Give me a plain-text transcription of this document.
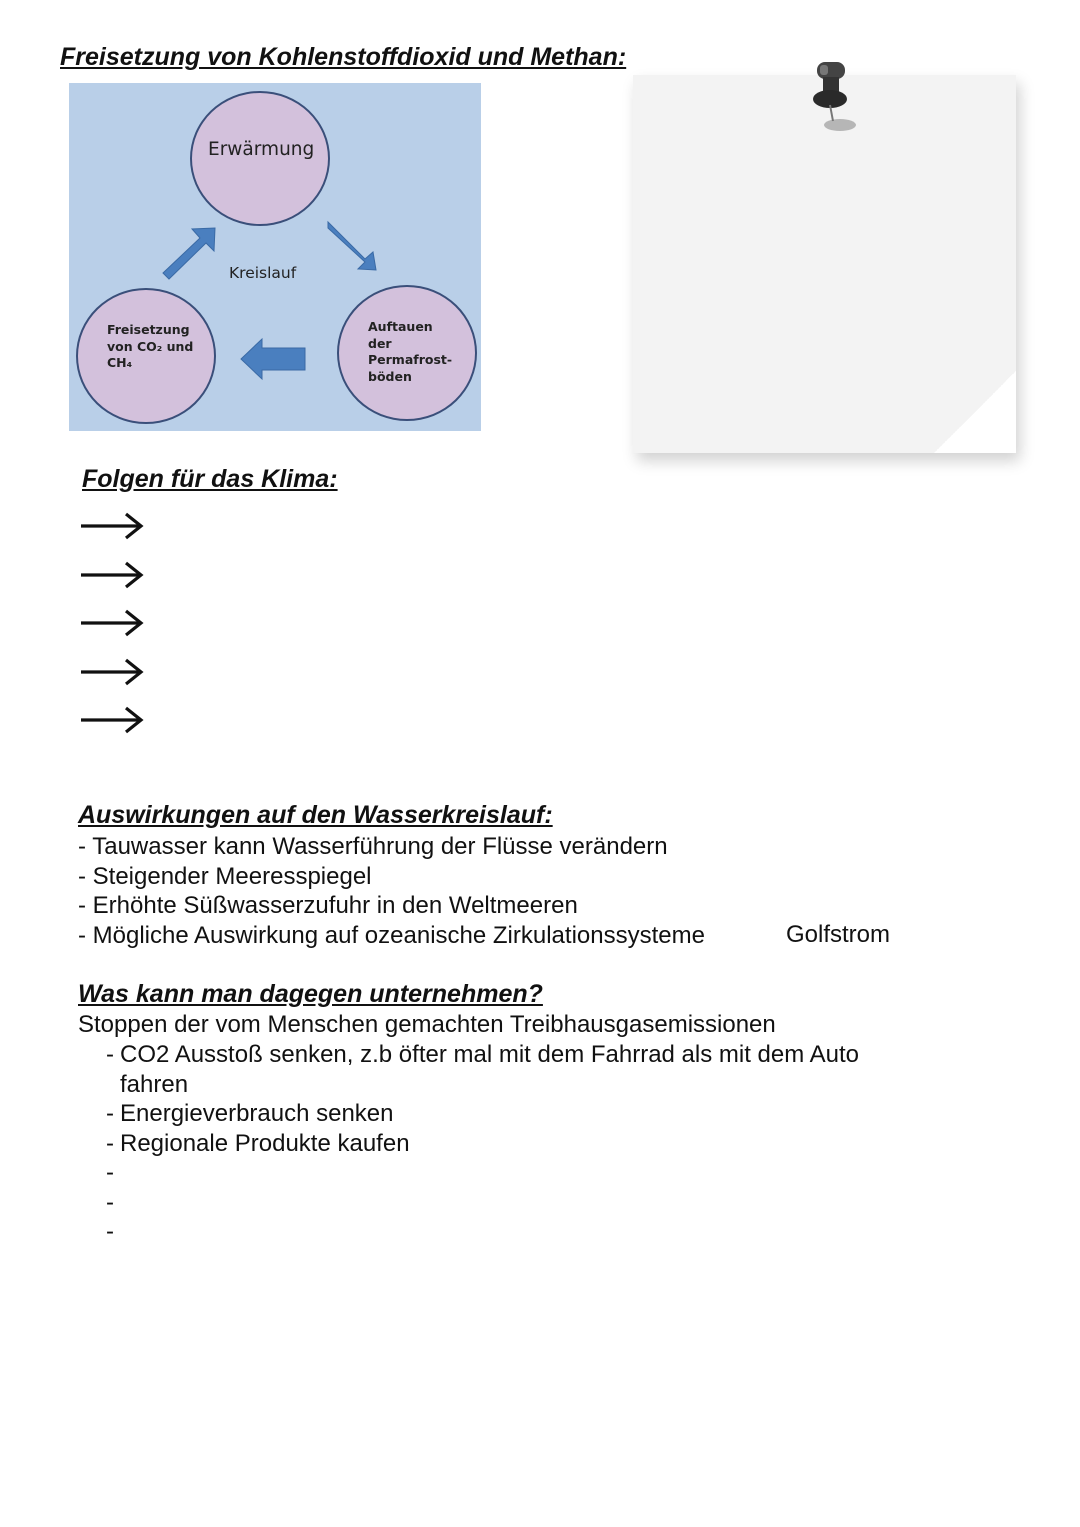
Freisetzung von Kohlenstoffdioxid und Methan:
Erwärmung
Kreislauf
Freisetzung
von CO₂ und
CH₄
Auftauen
der
Permafrost-
böden
Folgen für das Klima:
Auswirkungen auf den Wasserkreislauf:
- Tauwasser kann Wasserführung der Flüsse verändern
- Steigender Meeresspiegel
- Erhöhte Süßwasserzufuhr in den Weltmeeren
- Mögliche Auswirkung auf ozeanische Zirkulationssysteme	Golfstrom
Was kann man dagegen unternehmen?
Stoppen der vom Menschen gemachten Treibhausgasemissionen
- CO2 Ausstoß senken, z.b öfter mal mit dem Fahrrad als mit dem Auto
fahren
- Energieverbrauch senken
- Regionale Produkte kaufen
-
-
-
